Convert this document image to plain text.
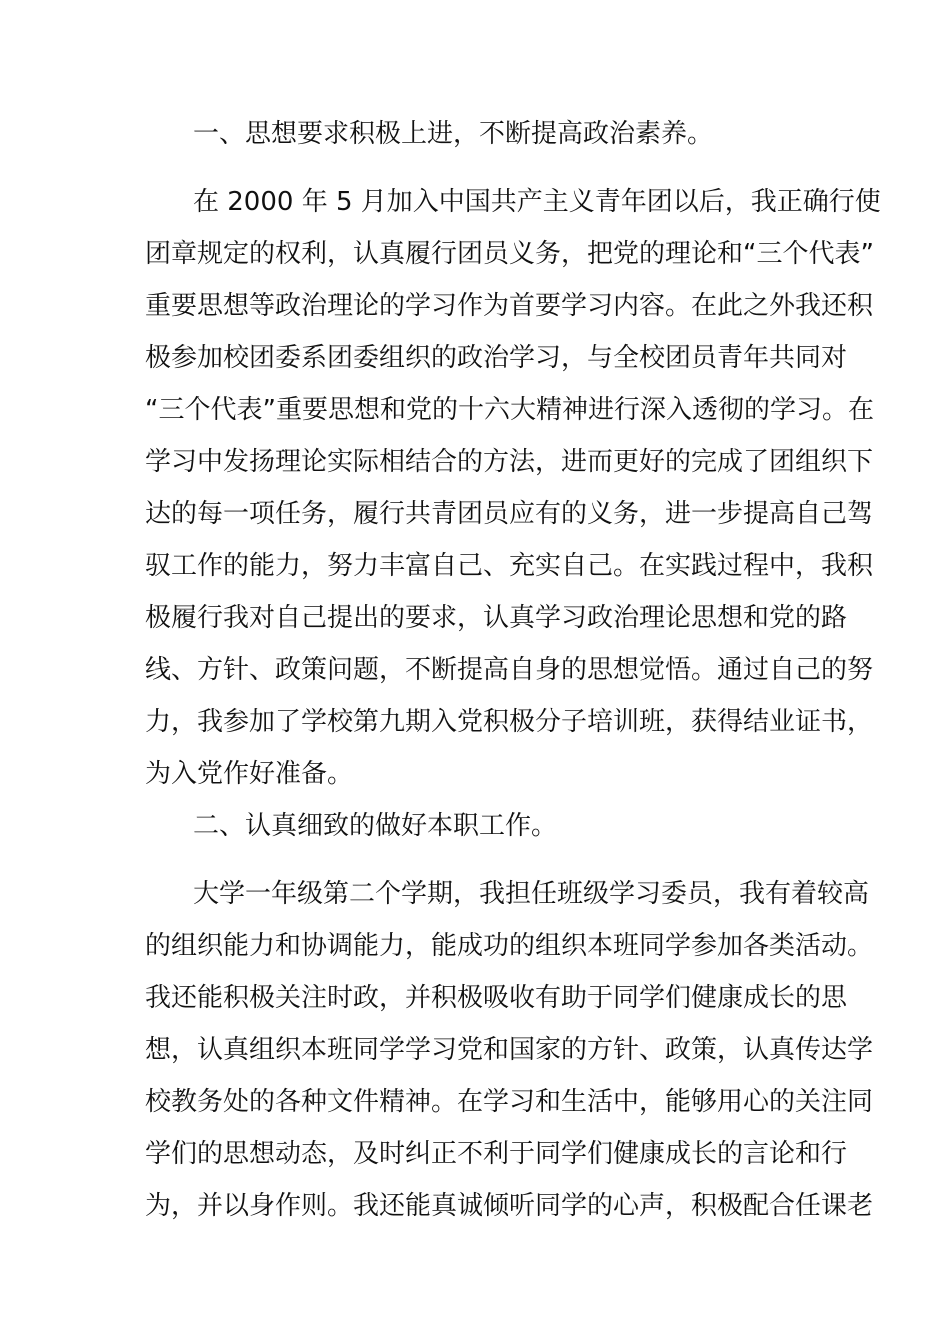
一、思想要求积极上进，不断提高政治素养。

在 2000 年 5 月加入中国共产主义青年团以后，我正确行使

团章规定的权利，认真履行团员义务，把党的理论和“三个代表”

重要思想等政治理论的学习作为首要学习内容。在此之外我还积

极参加校团委系团委组织的政治学习，与全校团员青年共同对

“三个代表”重要思想和党的十六大精神进行深入透彻的学习。在

学习中发扬理论实际相结合的方法，进而更好的完成了团组织下

达的每一项任务，履行共青团员应有的义务，进一步提高自己驾

驭工作的能力，努力丰富自己、充实自己。在实践过程中，我积

极履行我对自己提出的要求，认真学习政治理论思想和党的路

线、方针、政策问题，不断提高自身的思想觉悟。通过自己的努

力，我参加了学校第九期入党积极分子培训班，获得结业证书，

为入党作好准备。

二、认真细致的做好本职工作。

大学一年级第二个学期，我担任班级学习委员，我有着较高

的组织能力和协调能力，能成功的组织本班同学参加各类活动。

我还能积极关注时政，并积极吸收有助于同学们健康成长的思

想，认真组织本班同学学习党和国家的方针、政策，认真传达学

校教务处的各种文件精神。在学习和生活中，能够用心的关注同

学们的思想动态，及时纠正不利于同学们健康成长的言论和行

为，并以身作则。我还能真诚倾听同学的心声，积极配合任课老
